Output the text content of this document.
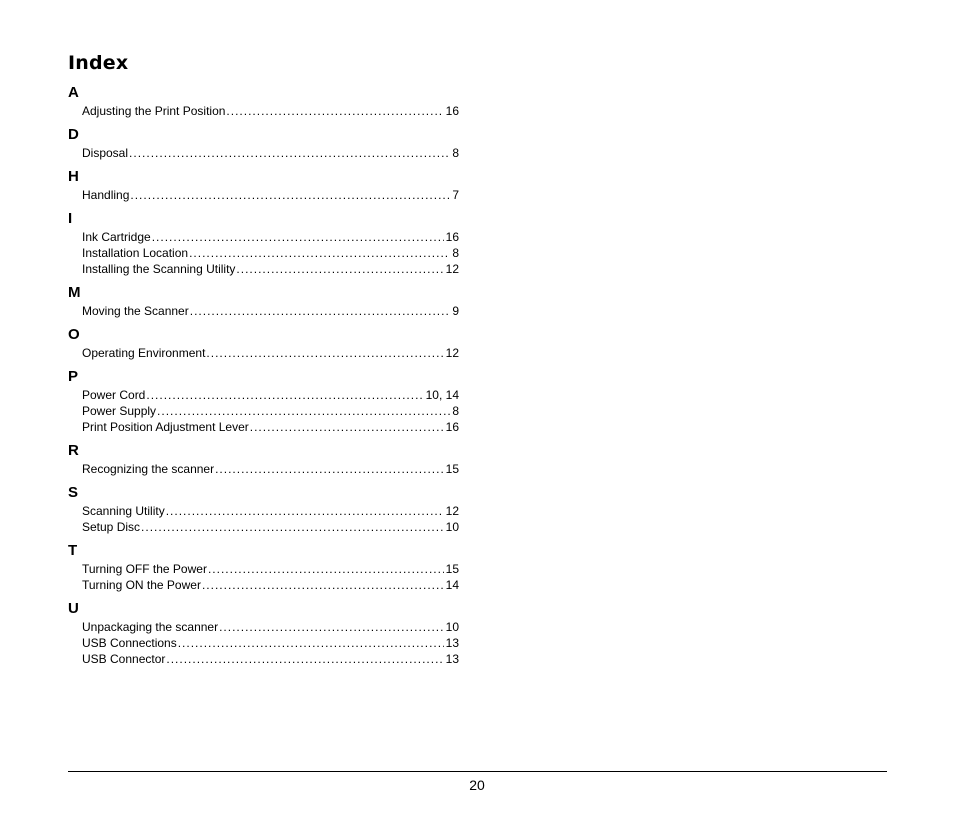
Index
A
Adjusting the Print Position .....	16
D
Disposal .....	8
H
Handling .....	7
I
Ink Cartridge .....	16
Installation Location .....	8
Installing the Scanning Utility .....	12
M
Moving the Scanner .....	9
O
Operating Environment .....	12
P
Power Cord .....	10, 14
Power Supply .....	8
Print Position Adjustment Lever .....	16
R
Recognizing the scanner .....	15
S
Scanning Utility .....	12
Setup Disc .....	10
T
Turning OFF the Power .....	15
Turning ON the Power .....	14
U
Unpackaging the scanner .....	10
USB Connections .....	13
USB Connector .....	13
20
